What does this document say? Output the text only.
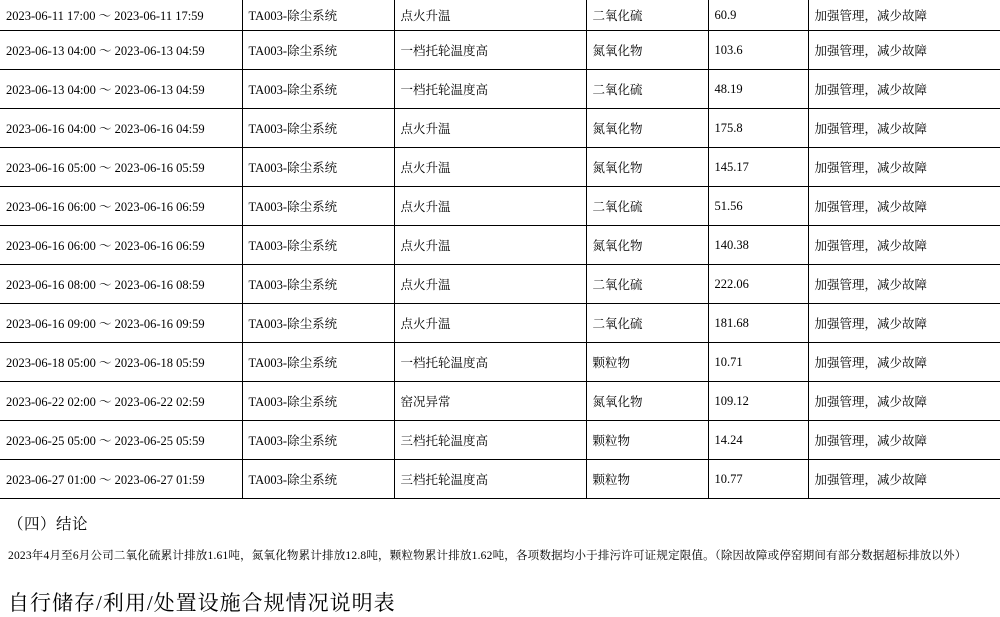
2023-06-11 17:00 ～ 2023-06-11 17:59	TA003-除尘系统	点火升温	二氧化硫	60.9	加强管理，减少故障
2023-06-13 04:00 ～ 2023-06-13 04:59	TA003-除尘系统	一档托轮温度高	氮氧化物	103.6	加强管理，减少故障
2023-06-13 04:00 ～ 2023-06-13 04:59	TA003-除尘系统	一档托轮温度高	二氧化硫	48.19	加强管理，减少故障
2023-06-16 04:00 ～ 2023-06-16 04:59	TA003-除尘系统	点火升温	氮氧化物	175.8	加强管理，减少故障
2023-06-16 05:00 ～ 2023-06-16 05:59	TA003-除尘系统	点火升温	氮氧化物	145.17	加强管理，减少故障
2023-06-16 06:00 ～ 2023-06-16 06:59	TA003-除尘系统	点火升温	二氧化硫	51.56	加强管理，减少故障
2023-06-16 06:00 ～ 2023-06-16 06:59	TA003-除尘系统	点火升温	氮氧化物	140.38	加强管理，减少故障
2023-06-16 08:00 ～ 2023-06-16 08:59	TA003-除尘系统	点火升温	二氧化硫	222.06	加强管理，减少故障
2023-06-16 09:00 ～ 2023-06-16 09:59	TA003-除尘系统	点火升温	二氧化硫	181.68	加强管理，减少故障
2023-06-18 05:00 ～ 2023-06-18 05:59	TA003-除尘系统	一档托轮温度高	颗粒物	10.71	加强管理，减少故障
2023-06-22 02:00 ～ 2023-06-22 02:59	TA003-除尘系统	窑况异常	氮氧化物	109.12	加强管理，减少故障
2023-06-25 05:00 ～ 2023-06-25 05:59	TA003-除尘系统	三档托轮温度高	颗粒物	14.24	加强管理，减少故障
2023-06-27 01:00 ～ 2023-06-27 01:59	TA003-除尘系统	三档托轮温度高	颗粒物	10.77	加强管理，减少故障
（四）结论
2023年4月至6月公司二氧化硫累计排放1.61吨，氮氧化物累计排放12.8吨，颗粒物累计排放1.62吨，各项数据均小于排污许可证规定限值。（除因故障或停窑期间有部分数据超标排放以外）
自行储存/利用/处置设施合规情况说明表
